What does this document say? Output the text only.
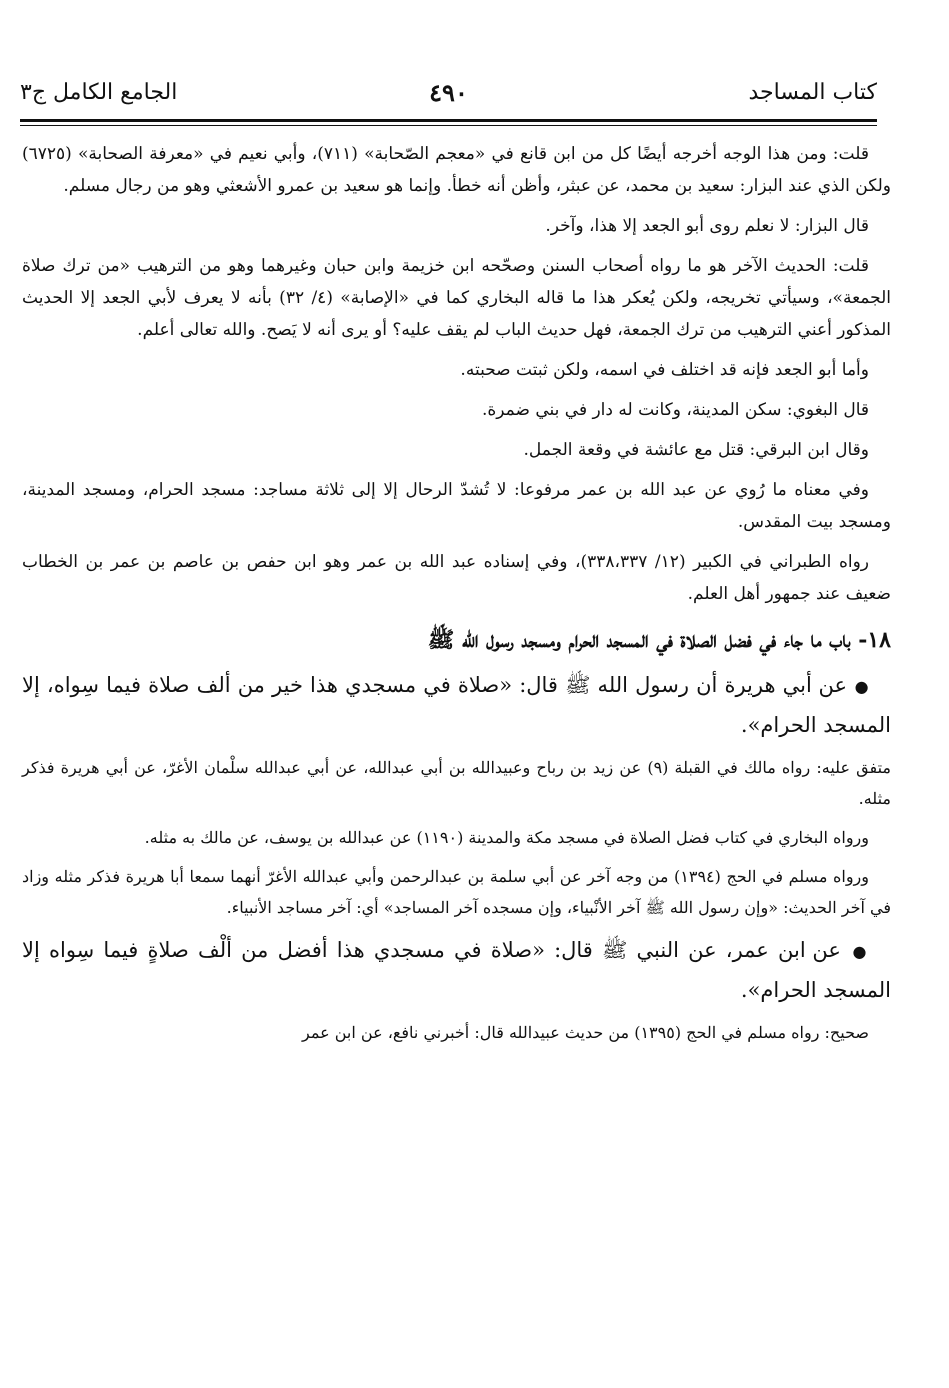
كتاب المساجد
٤٩٠
الجامع الكامل ج٣

قلت: ومن هذا الوجه أخرجه أيضًا كل من ابن قانع في «معجم الصّحابة» (٧١١)، وأبي نعيم في «معرفة الصحابة» (٦٧٢٥) ولكن الذي عند البزار: سعيد بن محمد، عن عبثر، وأظن أنه خطأ. وإنما هو سعيد بن عمرو الأشعثي وهو من رجال مسلم.

قال البزار: لا نعلم روى أبو الجعد إلا هذا، وآخر.

قلت: الحديث الآخر هو ما رواه أصحاب السنن وصحّحه ابن خزيمة وابن حبان وغيرهما وهو من الترهيب «من ترك صلاة الجمعة»، وسيأتي تخريجه، ولكن يُعكر هذا ما قاله البخاري كما في «الإصابة» (٤/ ٣٢) بأنه لا يعرف لأبي الجعد إلا الحديث المذكور أعني الترهيب من ترك الجمعة، فهل حديث الباب لم يقف عليه؟ أو يرى أنه لا يَصح. والله تعالى أعلم.

وأما أبو الجعد فإنه قد اختلف في اسمه، ولكن ثبتت صحبته.

قال البغوي: سكن المدينة، وكانت له دار في بني ضمرة.

وقال ابن البرقي: قتل مع عائشة في وقعة الجمل.

وفي معناه ما رُوي عن عبد الله بن عمر مرفوعا: لا تُشدّ الرحال إلا إلى ثلاثة مساجد: مسجد الحرام، ومسجد المدينة، ومسجد بيت المقدس.

رواه الطبراني في الكبير (١٢/ ٣٣٨،٣٣٧)، وفي إسناده عبد الله بن عمر وهو ابن حفص بن عاصم بن عمر بن الخطاب ضعيف عند جمهور أهل العلم.

١٨- باب ما جاء في فضل الصلاة في المسجد الحرام ومسجد رسول الله ﷺ

● عن أبي هريرة أن رسول الله ﷺ قال: «صلاة في مسجدي هذا خير من ألف صلاة فيما سِواه، إلا المسجد الحرام».

متفق عليه: رواه مالك في القبلة (٩) عن زيد بن رباح وعبيدالله بن أبي عبدالله، عن أبي عبدالله سلْمان الأغرّ، عن أبي هريرة فذكر مثله.

ورواه البخاري في كتاب فضل الصلاة في مسجد مكة والمدينة (١١٩٠) عن عبدالله بن يوسف، عن مالك به مثله.

ورواه مسلم في الحج (١٣٩٤) من وجه آخر عن أبي سلمة بن عبدالرحمن وأبي عبدالله الأغرّ أنهما سمعا أبا هريرة فذكر مثله وزاد في آخر الحديث: «وإن رسول الله ﷺ آخر الأنْبياء، وإن مسجده آخر المساجد» أي: آخر مساجد الأنبياء.

● عن ابن عمر، عن النبي ﷺ قال: «صلاة في مسجدي هذا أفضل من ألْف صلاةٍ فيما سِواه إلا المسجد الحرام».

صحيح: رواه مسلم في الحج (١٣٩٥) من حديث عبيدالله قال: أخبرني نافع، عن ابن عمر
